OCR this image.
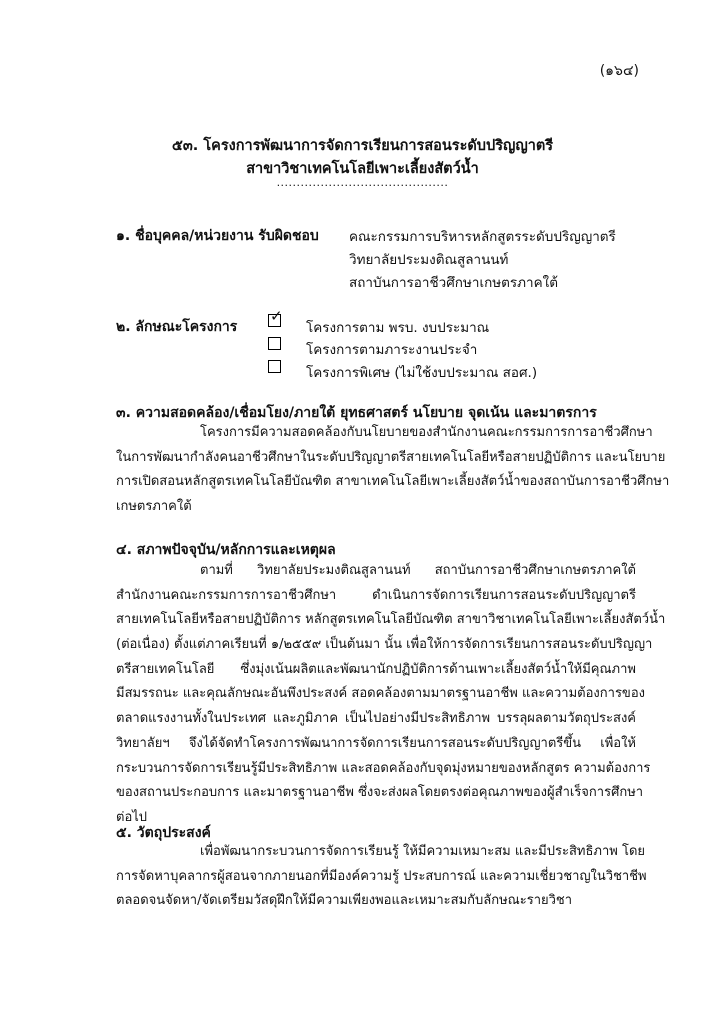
(๑๖๔)
๕๓. โครงการพัฒนาการจัดการเรียนการสอนระดับปริญญาตรี
สาขาวิชาเทคโนโลยีเพาะเลี้ยงสัตว์น้ำ
...........................................
๑. ชื่อบุคคล/หน่วยงาน รับผิดชอบ คณะกรรมการบริหารหลักสูตรระดับปริญญาตรี
วิทยาลัยประมงติณสูลานนท์
สถาบันการอาชีวศึกษาเกษตรภาคใต้
๒. ลักษณะโครงการ
✓
โครงการตาม พรบ. งบประมาณ
โครงการตามภาระงานประจำ
โครงการพิเศษ (ไม่ใช้งบประมาณ สอศ.)
๓. ความสอดคล้อง/เชื่อมโยง/ภายใต้ ยุทธศาสตร์ นโยบาย จุดเน้น และมาตรการ
โครงการมีความสอดคล้องกับนโยบายของสำนักงานคณะกรรมการการอาชีวศึกษา
ในการพัฒนากำลังคนอาชีวศึกษาในระดับปริญญาตรีสายเทคโนโลยีหรือสายปฏิบัติการ และนโยบาย
การเปิดสอนหลักสูตรเทคโนโลยีบัณฑิต สาขาเทคโนโลยีเพาะเลี้ยงสัตว์น้ำของสถาบันการอาชีวศึกษา
เกษตรภาคใต้
๔. สภาพปัจจุบัน/หลักการและเหตุผล
ตามที่ วิทยาลัยประมงติณสูลานนท์ สถาบันการอาชีวศึกษาเกษตรภาคใต้
สำนักงานคณะกรรมการการอาชีวศึกษา ดำเนินการจัดการเรียนการสอนระดับปริญญาตรี
สายเทคโนโลยีหรือสายปฏิบัติการ หลักสูตรเทคโนโลยีบัณฑิต สาขาวิชาเทคโนโลยีเพาะเลี้ยงสัตว์น้ำ
(ต่อเนื่อง) ตั้งแต่ภาคเรียนที่ ๑/๒๕๕๙ เป็นต้นมา นั้น เพื่อให้การจัดการเรียนการสอนระดับปริญญา
ตรีสายเทคโนโลยี ซึ่งมุ่งเน้นผลิตและพัฒนานักปฏิบัติการด้านเพาะเลี้ยงสัตว์น้ำให้มีคุณภาพ
มีสมรรถนะ และคุณลักษณะอันพึงประสงค์ สอดคล้องตามมาตรฐานอาชีพ และความต้องการของ
ตลาดแรงงานทั้งในประเทศ และภูมิภาค เป็นไปอย่างมีประสิทธิภาพ บรรลุผลตามวัตถุประสงค์
วิทยาลัยฯ จึงได้จัดทำโครงการพัฒนาการจัดการเรียนการสอนระดับปริญญาตรีขึ้น เพื่อให้
กระบวนการจัดการเรียนรู้มีประสิทธิภาพ และสอดคล้องกับจุดมุ่งหมายของหลักสูตร ความต้องการ
ของสถานประกอบการ และมาตรฐานอาชีพ ซึ่งจะส่งผลโดยตรงต่อคุณภาพของผู้สำเร็จการศึกษา
ต่อไป
๕. วัตถุประสงค์
เพื่อพัฒนากระบวนการจัดการเรียนรู้ ให้มีความเหมาะสม และมีประสิทธิภาพ โดย
การจัดหาบุคลากรผู้สอนจากภายนอกที่มีองค์ความรู้ ประสบการณ์ และความเชี่ยวชาญในวิชาชีพ
ตลอดจนจัดหา/จัดเตรียมวัสดุฝึกให้มีความเพียงพอและเหมาะสมกับลักษณะรายวิชา
